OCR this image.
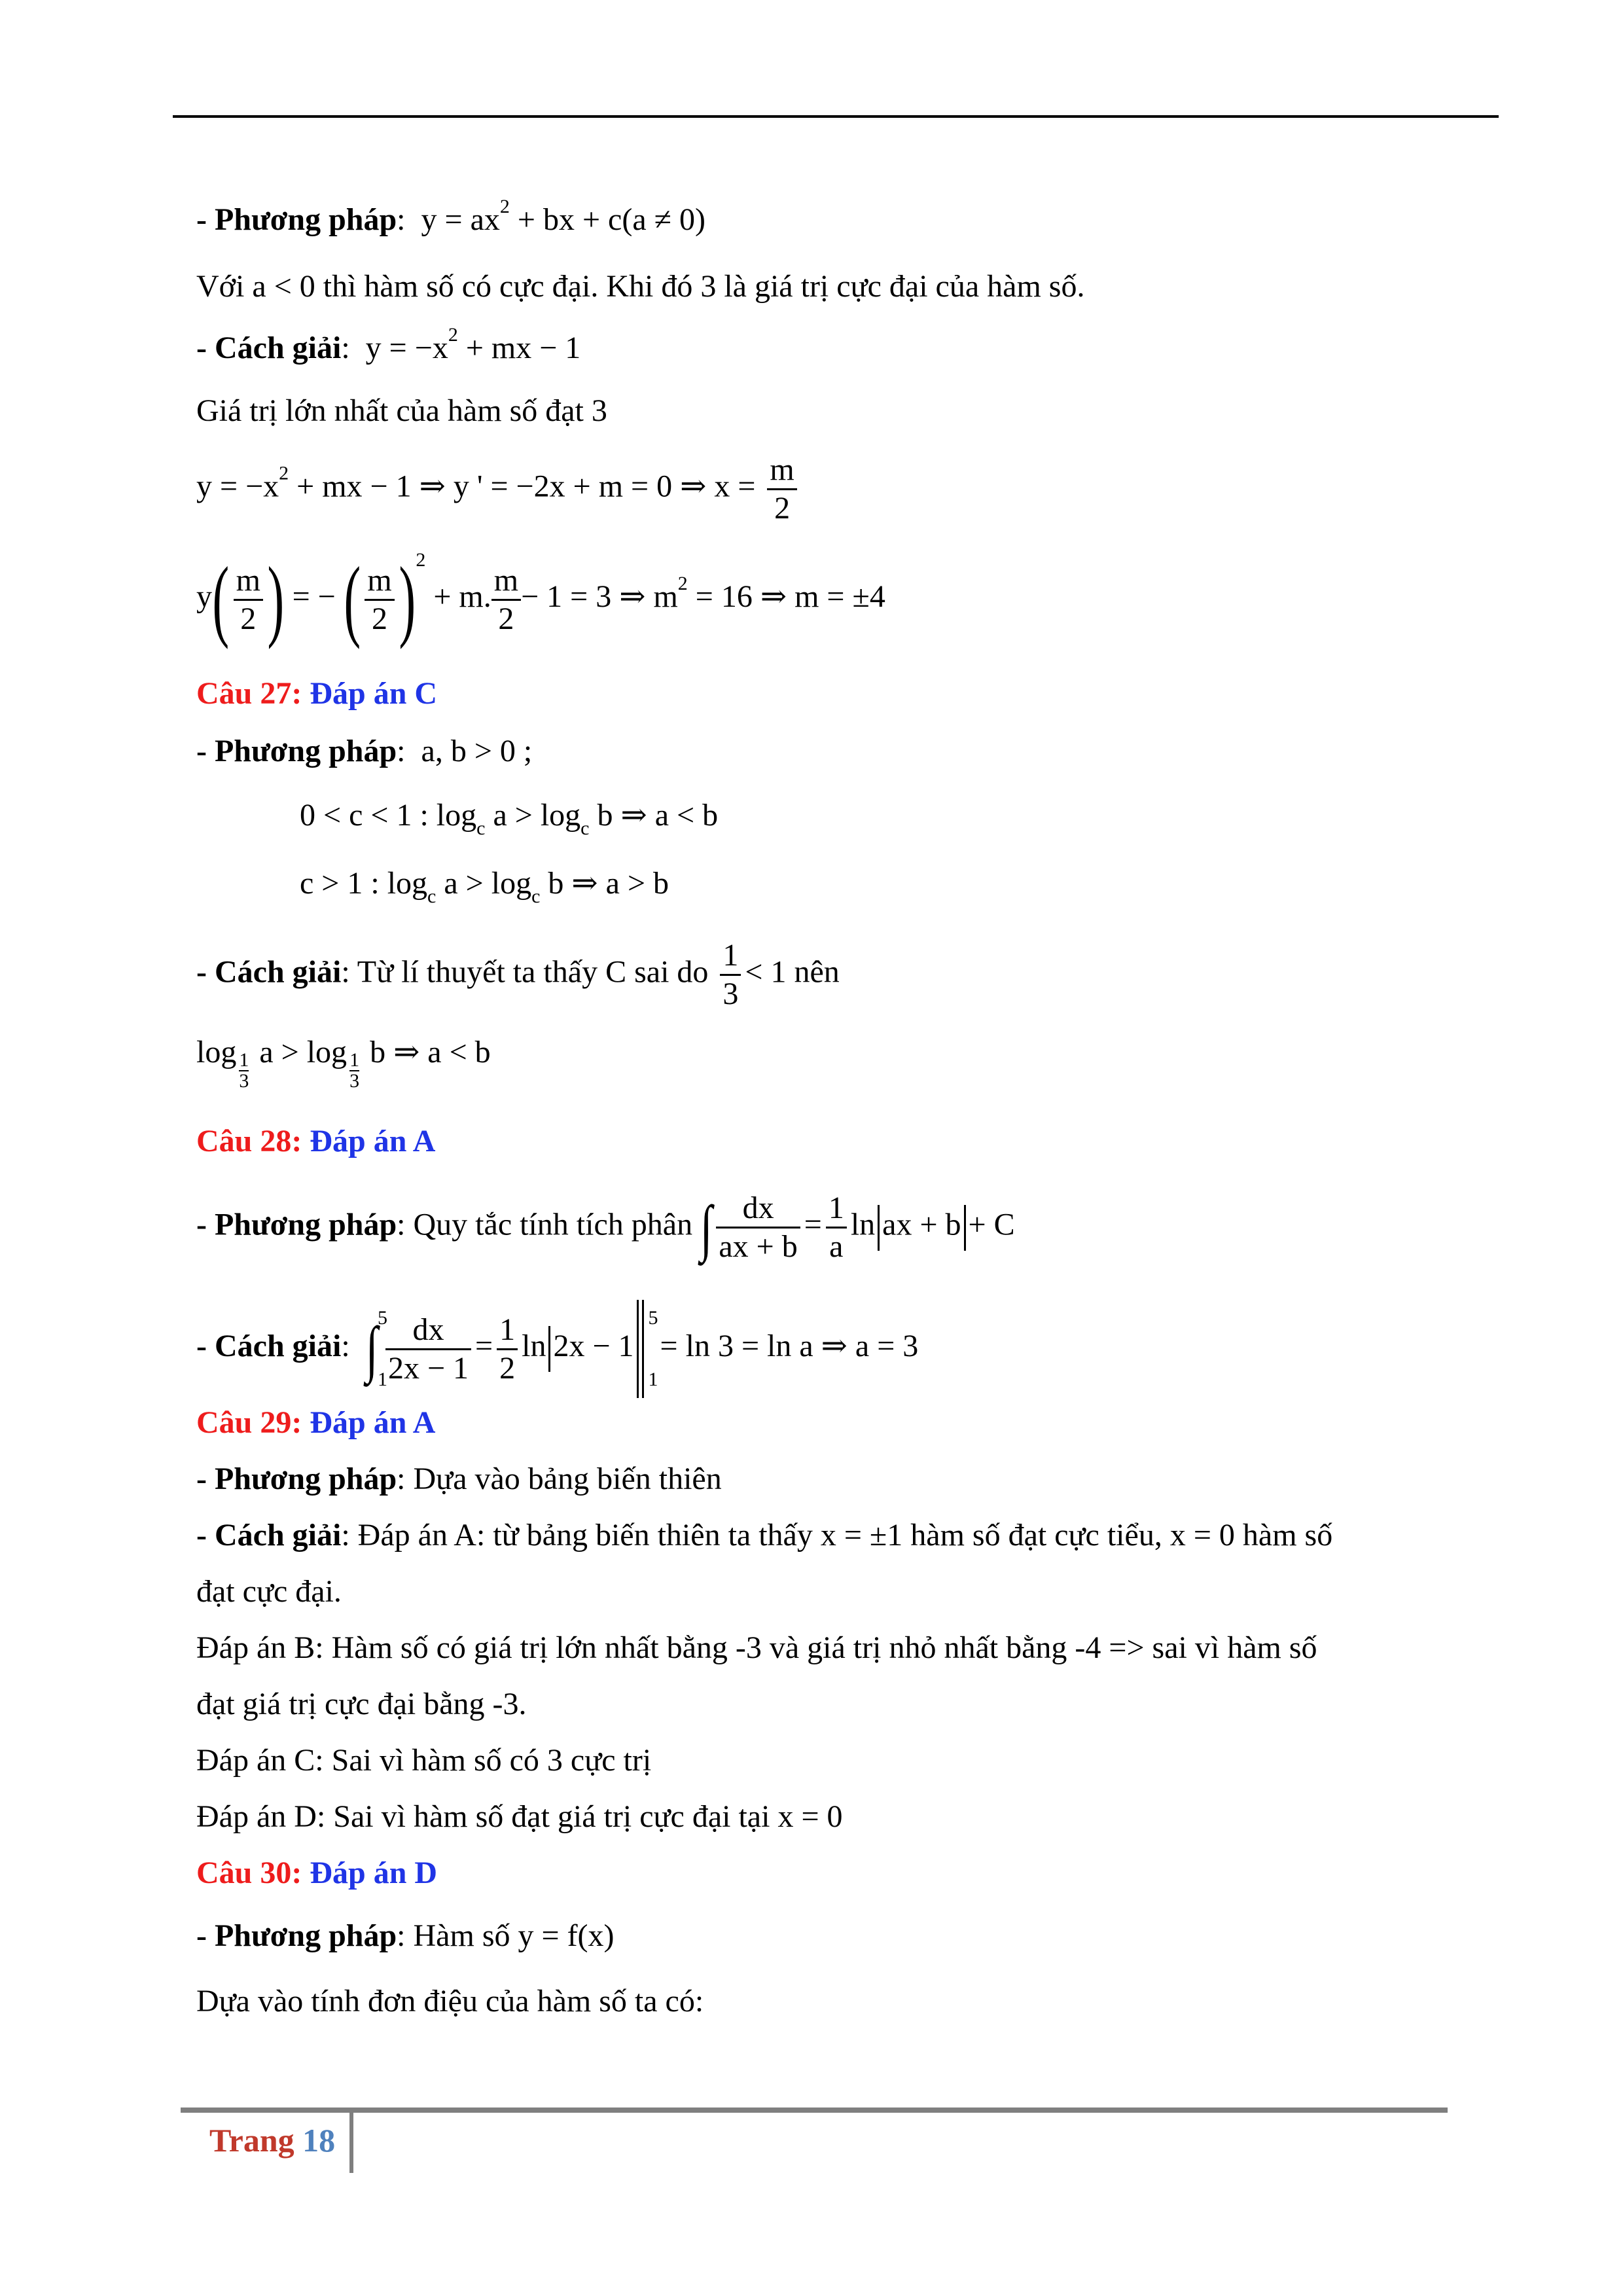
- Phương pháp:  $y = ax^2$ + bx + c(a ≠ 0)
Với a < 0 thì hàm số có cực đại. Khi đó 3 là giá trị cực đại của hàm số.
- Cách giải:  $y = -x^2$ + mx − 1
Giá trị lớn nhất của hàm số đạt 3
$y = -x^2$ + mx − 1 ⇒ y ' = −2x + m = 0 ⇒ $x = \frac{m}{2}$
$y( \frac{m}{2}$ ) = − ( $\frac{m}{2} )^2 + m$. $\frac{m}{2} - 1 = 3$ ⇒ $m^2 = 16$ ⇒ m = ±4
Câu 27: Đáp án C
- Phương pháp:  a, b > 0 ;
0 < c < 1 : $\log_c a > \log_c b$ ⇒ a < b
c > 1 : $\log_c a > \log_c b$ ⇒ a > b
- Cách giải: Từ lí thuyết ta thấy C sai do $\frac{1}{3} < 1$ nên
$\log \frac{1}{3}$ $a > \log \frac{1}{3}$ b ⇒ a < b
Câu 28: Đáp án A
- Phương pháp: Quy tắc tính tích phân ∫ $\frac{dx}{ax + b} = \frac{1}{a}$ ln ax + b + C
- Cách giải:  ∫ 5
1
$\frac{dx}{2x - 1} = \frac{1}{2}$ ln 2x − 1
5
1
= ln 3 = ln a ⇒ a = 3
Câu 29: Đáp án A
- Phương pháp: Dựa vào bảng biến thiên
- Cách giải: Đáp án A: từ bảng biến thiên ta thấy x = ±1 hàm số đạt cực tiểu, x = 0 hàm số
đạt cực đại.
Đáp án B: Hàm số có giá trị lớn nhất bằng -3 và giá trị nhỏ nhất bằng -4 => sai vì hàm số
đạt giá trị cực đại bằng -3.
Đáp án C: Sai vì hàm số có 3 cực trị
Đáp án D: Sai vì hàm số đạt giá trị cực đại tại x = 0
Câu 30: Đáp án D
- Phương pháp: Hàm số y = f(x)
Dựa vào tính đơn điệu của hàm số ta có:
Trang 18
